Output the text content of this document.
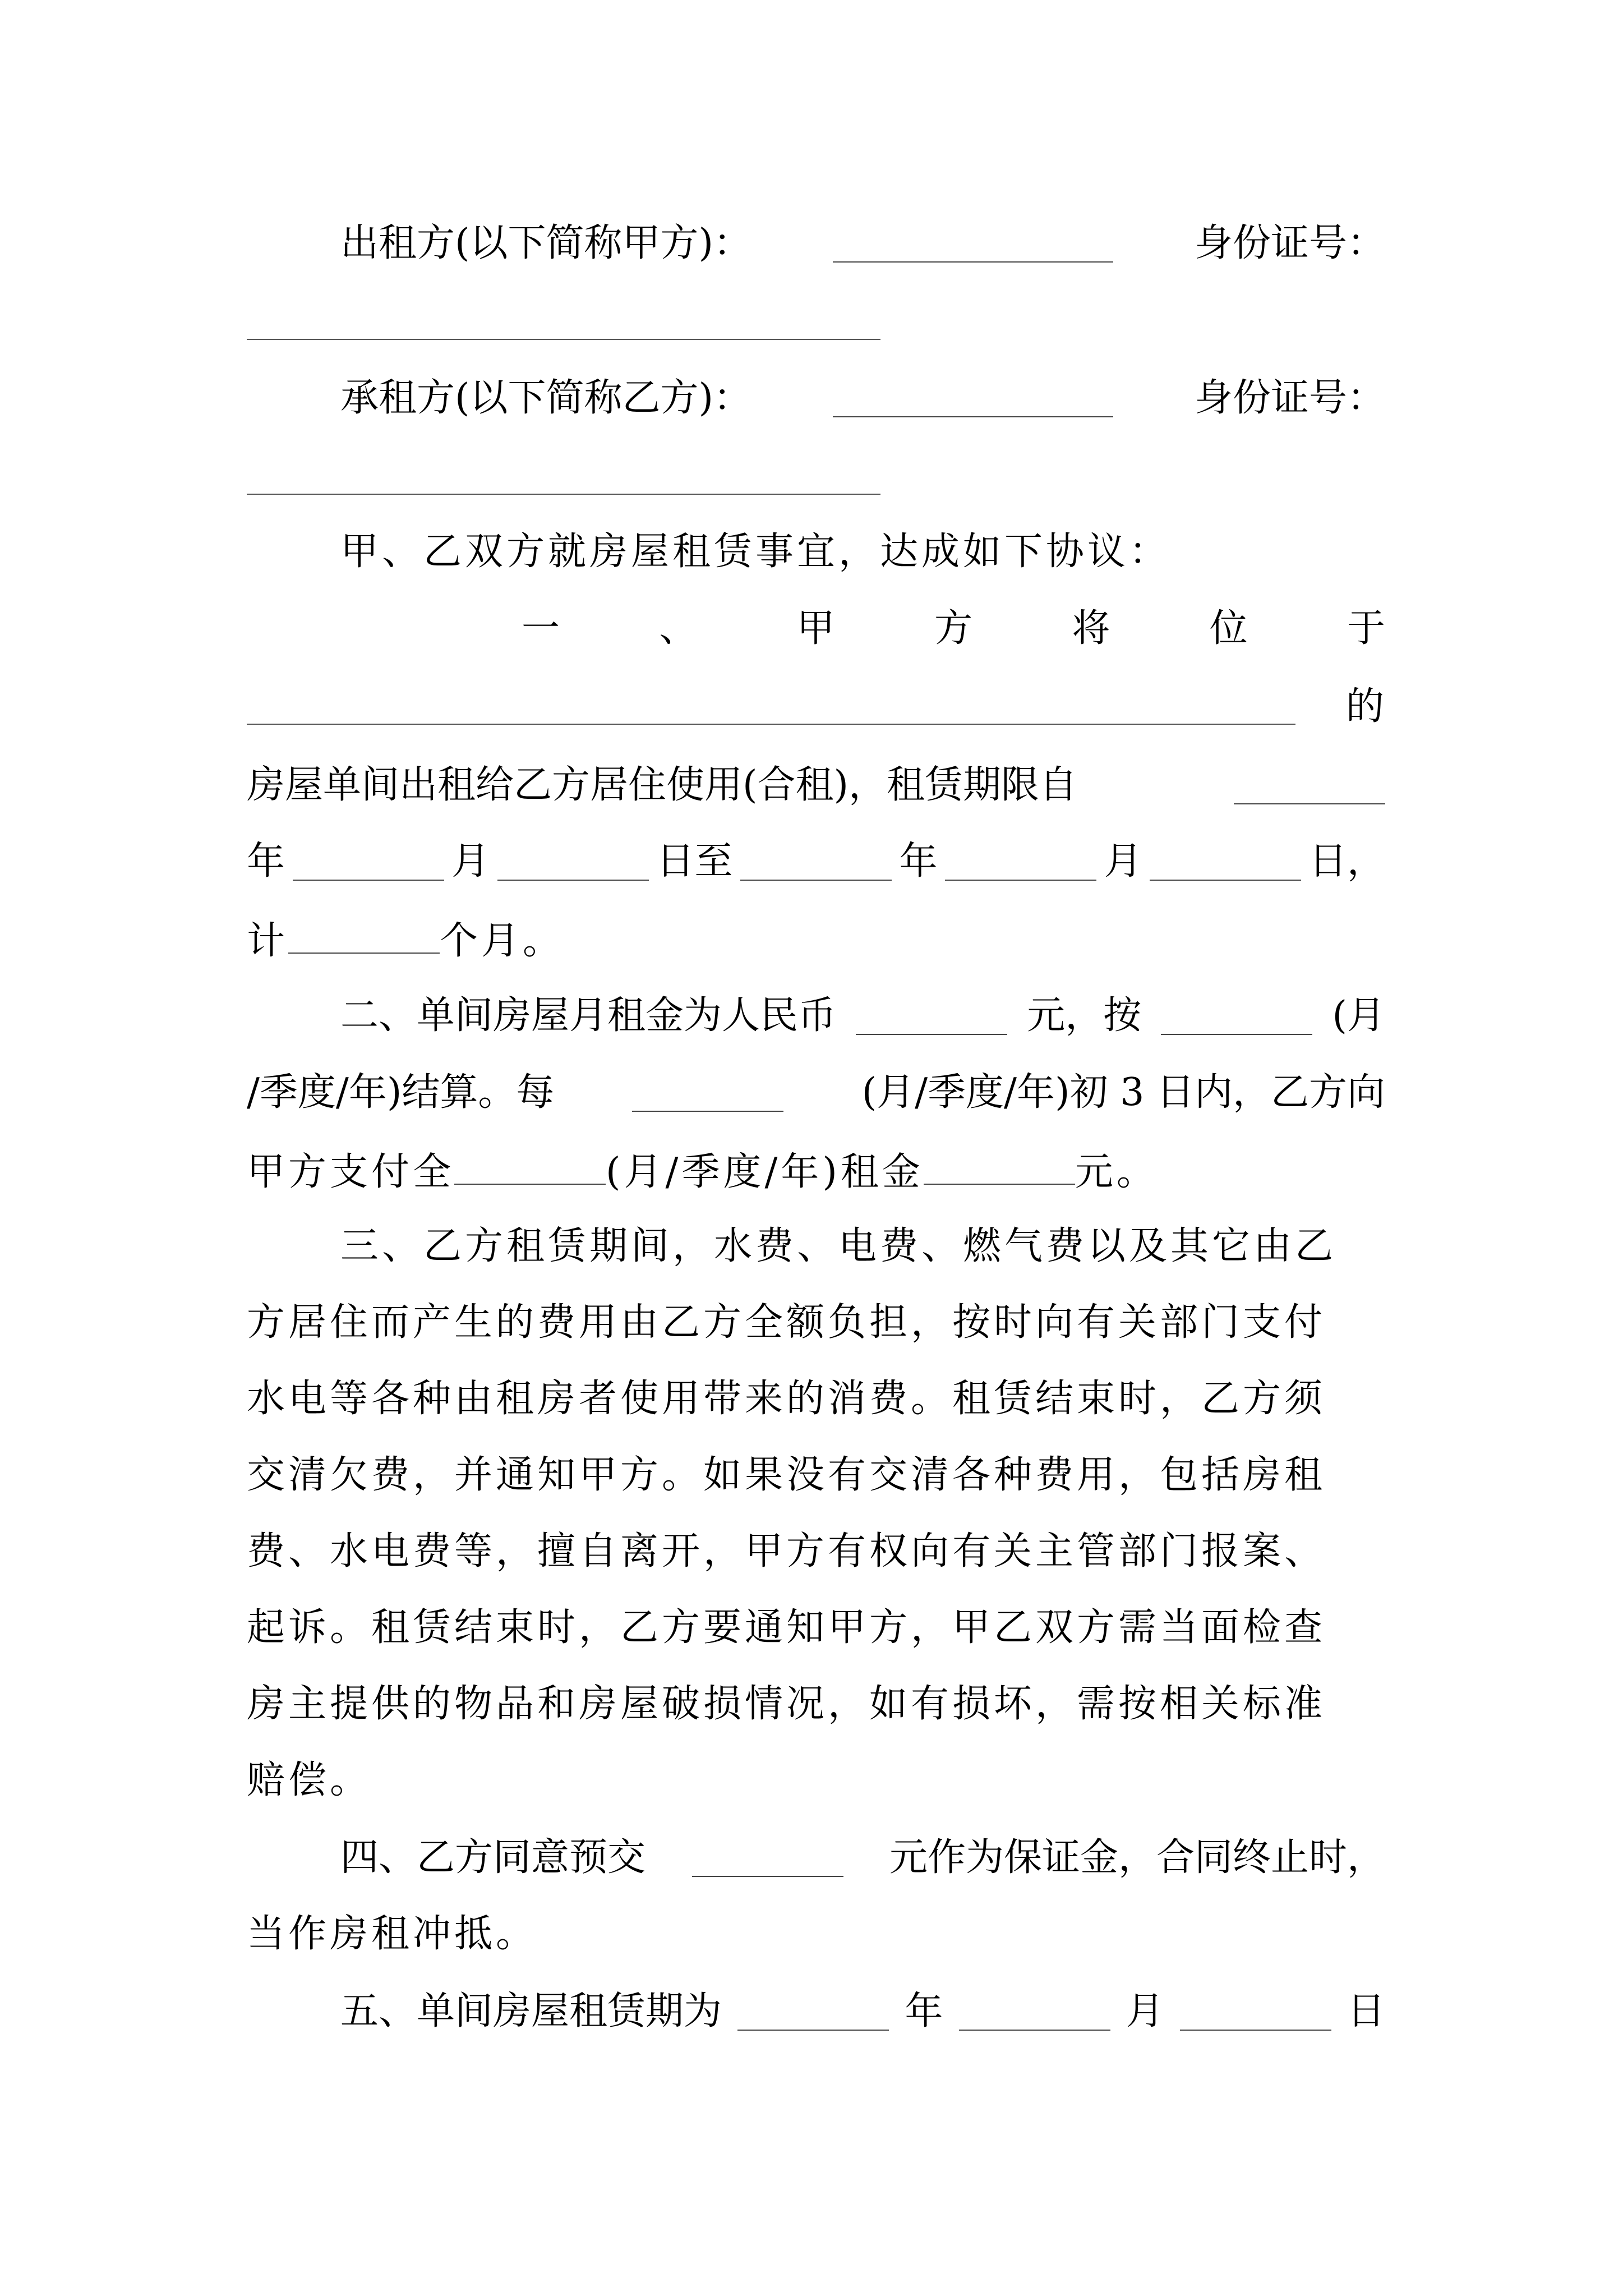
出租方(以下简称甲方)：	身份证号：
承租方(以下简称乙方)：	身份证号：
甲、乙双方就房屋租赁事宜，达成如下协议：
一	、	甲	方	将	位	于
的
房屋单间出租给乙方居住使用(合租)，租赁期限自
年	月	日至	年	月	日，
计	个月。
二、单间房屋月租金为人民币	元，按	(月
/季度/年)结算。每	(月/季度/年)初 3 日内，乙方向
甲方支付全	(月/季度/年)租金	元。
三、乙方租赁期间，水费、电费、燃气费以及其它由乙
方居住而产生的费用由乙方全额负担，按时向有关部门支付
水电等各种由租房者使用带来的消费。租赁结束时，乙方须
交清欠费，并通知甲方。如果没有交清各种费用，包括房租
费、水电费等，擅自离开，甲方有权向有关主管部门报案、
起诉。租赁结束时，乙方要通知甲方，甲乙双方需当面检查
房主提供的物品和房屋破损情况，如有损坏，需按相关标准
赔偿。
四、乙方同意预交	元作为保证金，合同终止时，
当作房租冲抵。
五、单间房屋租赁期为	年	月	日
